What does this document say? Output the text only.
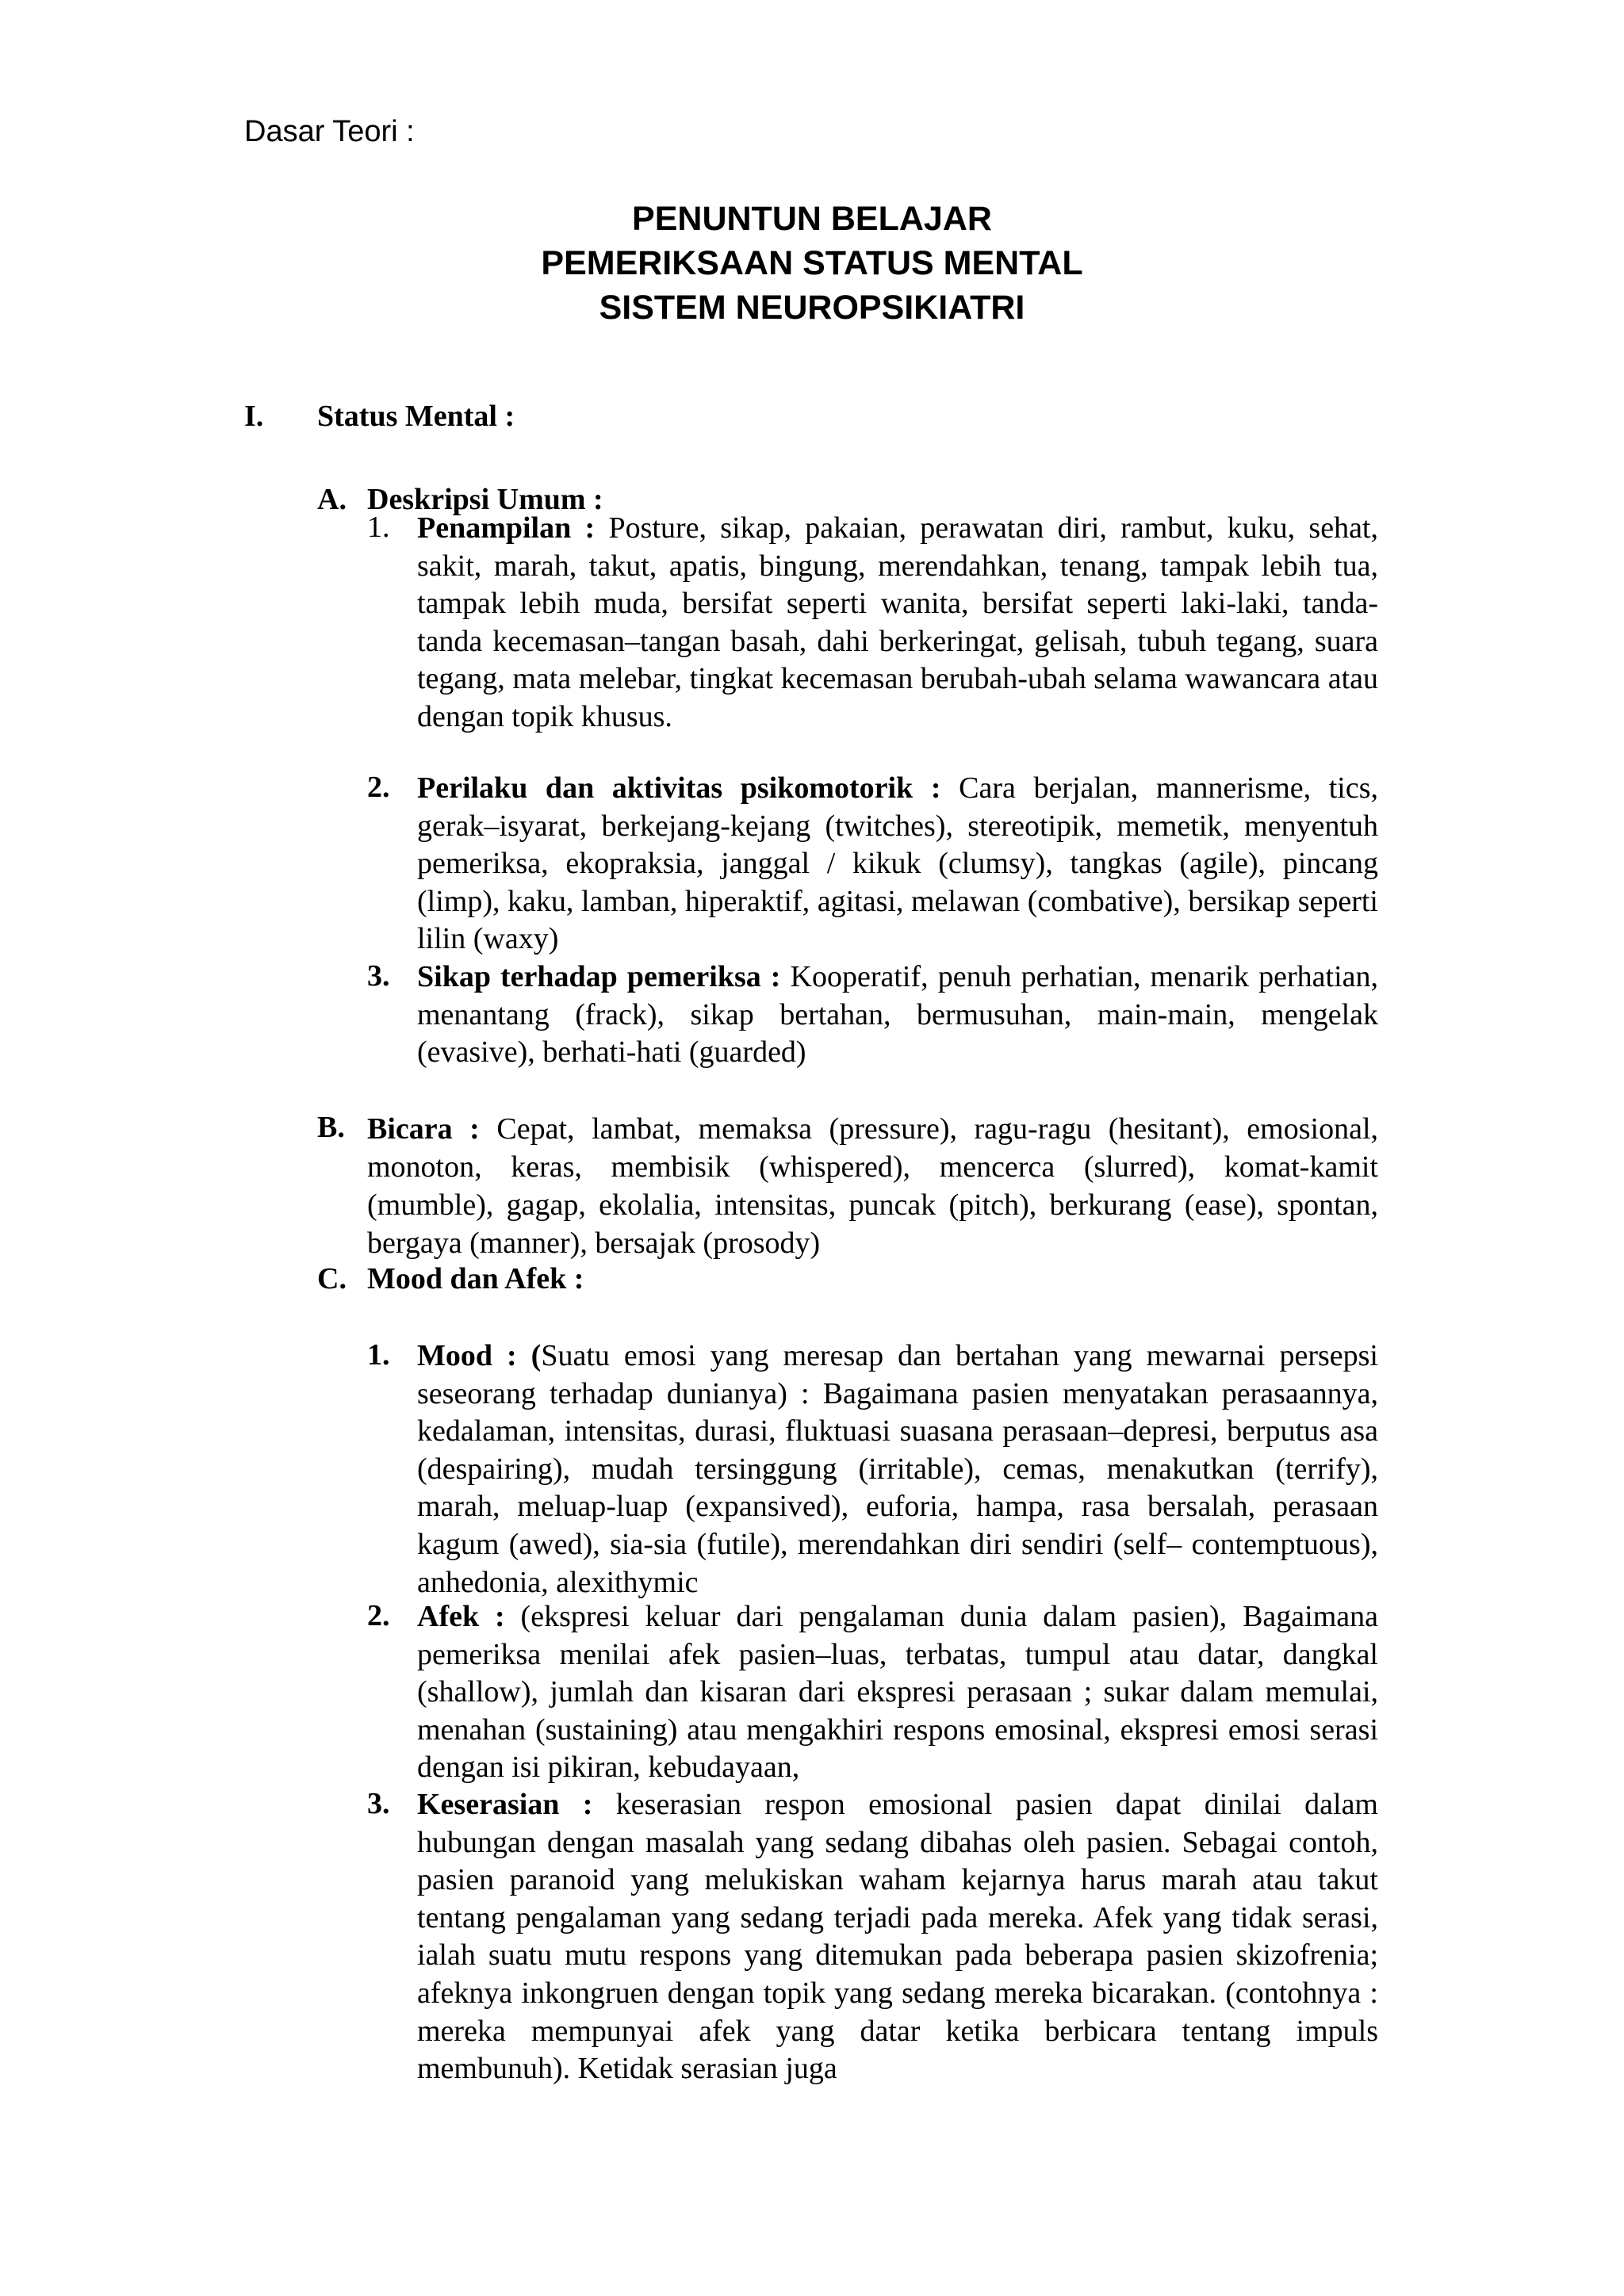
Dasar Teori :
PENUNTUN BELAJAR
PEMERIKSAAN STATUS MENTAL
SISTEM NEUROPSIKIATRI
I. Status Mental :
A. Deskripsi Umum :
1. Penampilan : Posture, sikap, pakaian, perawatan diri, rambut, kuku, sehat, sakit, marah, takut, apatis, bingung, merendahkan, tenang, tampak lebih tua, tampak lebih muda, bersifat seperti wanita, bersifat seperti laki-laki, tanda-tanda kecemasan–tangan basah, dahi berkeringat, gelisah, tubuh tegang, suara tegang, mata melebar, tingkat kecemasan berubah-ubah selama wawancara atau dengan topik khusus.
2. Perilaku dan aktivitas psikomotorik : Cara berjalan, mannerisme, tics, gerak–isyarat, berkejang-kejang (twitches), stereotipik, memetik, menyentuh pemeriksa, ekopraksia, janggal / kikuk (clumsy), tangkas (agile), pincang (limp), kaku, lamban, hiperaktif, agitasi, melawan (combative), bersikap seperti lilin (waxy)
3. Sikap terhadap pemeriksa : Kooperatif, penuh perhatian, menarik perhatian, menantang (frack), sikap bertahan, bermusuhan, main-main, mengelak (evasive), berhati-hati (guarded)
B. Bicara : Cepat, lambat, memaksa (pressure), ragu-ragu (hesitant), emosional, monoton, keras, membisik (whispered), mencerca (slurred), komat-kamit (mumble), gagap, ekolalia, intensitas, puncak (pitch), berkurang (ease), spontan, bergaya (manner), bersajak (prosody)
C. Mood dan Afek :
1. Mood : (Suatu emosi yang meresap dan bertahan yang mewarnai persepsi seseorang terhadap dunianya) : Bagaimana pasien menyatakan perasaannya, kedalaman, intensitas, durasi, fluktuasi suasana perasaan–depresi, berputus asa (despairing), mudah tersinggung (irritable), cemas, menakutkan (terrify), marah, meluap-luap (expansived), euforia, hampa, rasa bersalah, perasaan kagum (awed), sia-sia (futile), merendahkan diri sendiri (self– contemptuous), anhedonia, alexithymic
2. Afek : (ekspresi keluar dari pengalaman dunia dalam pasien), Bagaimana pemeriksa menilai afek pasien–luas, terbatas, tumpul atau datar, dangkal (shallow), jumlah dan kisaran dari ekspresi perasaan ; sukar dalam memulai, menahan (sustaining) atau mengakhiri respons emosinal, ekspresi emosi serasi dengan isi pikiran, kebudayaan,
3. Keserasian : keserasian respon emosional pasien dapat dinilai dalam hubungan dengan masalah yang sedang dibahas oleh pasien. Sebagai contoh, pasien paranoid yang melukiskan waham kejarnya harus marah atau takut tentang pengalaman yang sedang terjadi pada mereka. Afek yang tidak serasi, ialah suatu mutu respons yang ditemukan pada beberapa pasien skizofrenia; afeknya inkongruen dengan topik yang sedang mereka bicarakan. (contohnya : mereka mempunyai afek yang datar ketika berbicara tentang impuls membunuh). Ketidak serasian juga
